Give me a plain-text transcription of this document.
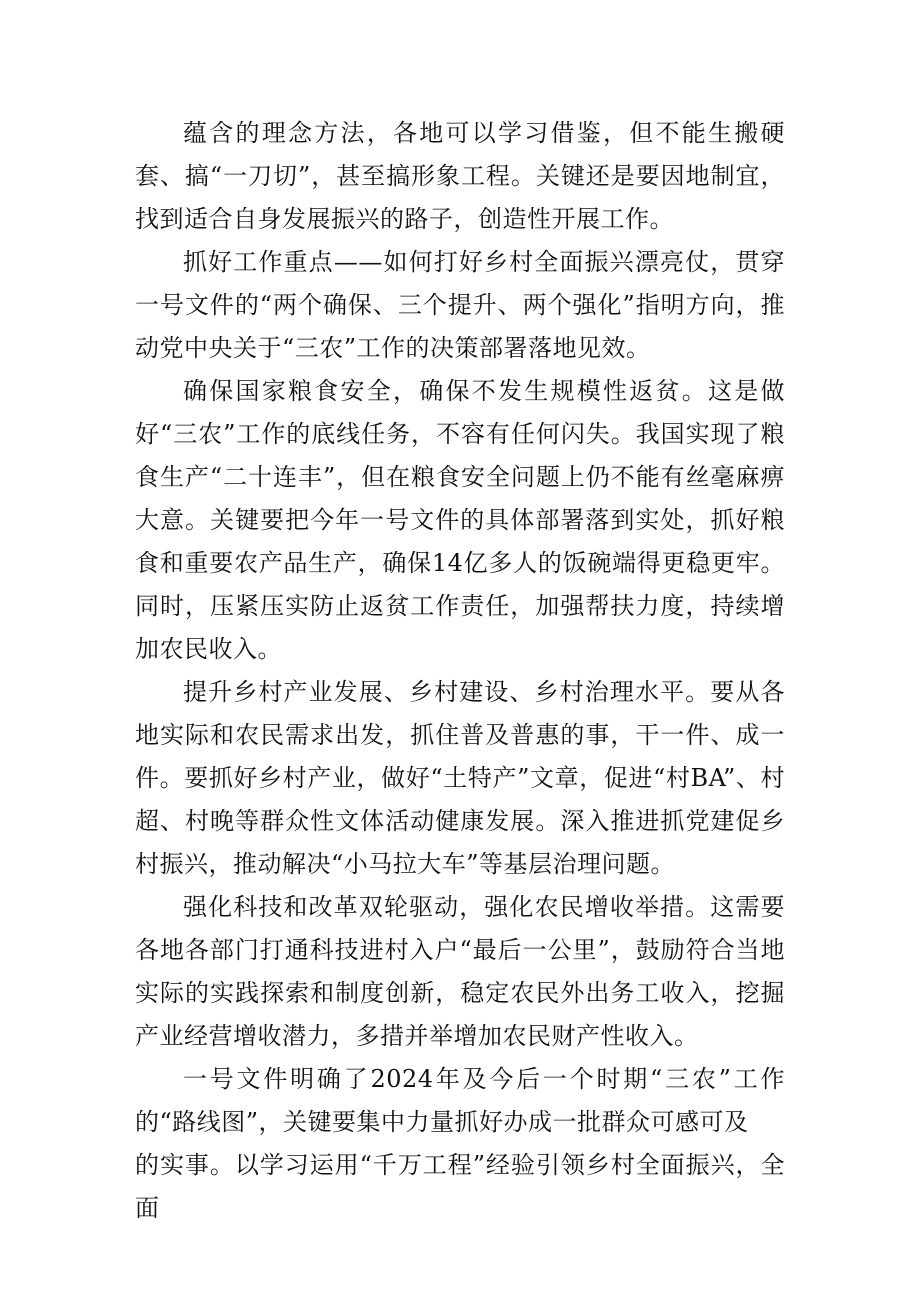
蕴含的理念方法，各地可以学习借鉴，但不能生搬硬套、搞“一刀切”，甚至搞形象工程。关键还是要因地制宜，找到适合自身发展振兴的路子，创造性开展工作。

抓好工作重点——如何打好乡村全面振兴漂亮仗，贯穿一号文件的“两个确保、三个提升、两个强化”指明方向，推动党中央关于“三农”工作的决策部署落地见效。

确保国家粮食安全，确保不发生规模性返贫。这是做好“三农”工作的底线任务，不容有任何闪失。我国实现了粮食生产“二十连丰”，但在粮食安全问题上仍不能有丝毫麻痹大意。关键要把今年一号文件的具体部署落到实处，抓好粮食和重要农产品生产，确保14亿多人的饭碗端得更稳更牢。同时，压紧压实防止返贫工作责任，加强帮扶力度，持续增加农民收入。

提升乡村产业发展、乡村建设、乡村治理水平。要从各地实际和农民需求出发，抓住普及普惠的事，干一件、成一件。要抓好乡村产业，做好“土特产”文章，促进“村BA”、村超、村晚等群众性文体活动健康发展。深入推进抓党建促乡村振兴，推动解决“小马拉大车”等基层治理问题。

强化科技和改革双轮驱动，强化农民增收举措。这需要各地各部门打通科技进村入户“最后一公里”，鼓励符合当地实际的实践探索和制度创新，稳定农民外出务工收入，挖掘产业经营增收潜力，多措并举增加农民财产性收入。

一号文件明确了2024年及今后一个时期“三农”工作的“路线图”，关键要集中力量抓好办成一批群众可感可及

的实事。以学习运用“千万工程”经验引领乡村全面振兴，全面
